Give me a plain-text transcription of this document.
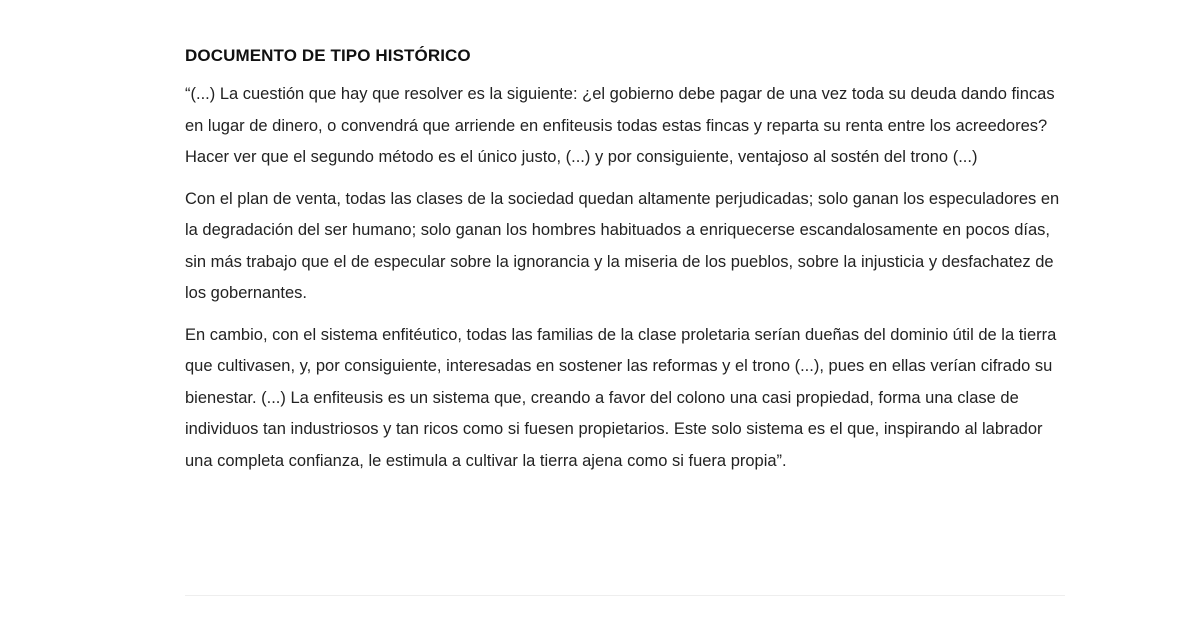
DOCUMENTO DE TIPO HISTÓRICO

“(...) La cuestión que hay que resolver es la siguiente: ¿el gobierno debe pagar de una vez toda su deuda dando fincas en lugar de dinero, o convendrá que arriende en enfiteusis todas estas fincas y reparta su renta entre los acreedores? Hacer ver que el segundo método es el único justo, (...) y por consiguiente, ventajoso al sostén del trono (...)

Con el plan de venta, todas las clases de la sociedad quedan altamente perjudicadas; solo ganan los especuladores en la degradación del ser humano; solo ganan los hombres habituados a enriquecerse escandalosamente en pocos días, sin más trabajo que el de especular sobre la ignorancia y la miseria de los pueblos, sobre la injusticia y desfachatez de los gobernantes.

En cambio, con el sistema enfitéutico, todas las familias de la clase proletaria serían dueñas del dominio útil de la tierra que cultivasen, y, por consiguiente, interesadas en sostener las reformas y el trono (...), pues en ellas verían cifrado su bienestar. (...) La enfiteusis es un sistema que, creando a favor del colono una casi propiedad, forma una clase de individuos tan industriosos y tan ricos como si fuesen propietarios. Este solo sistema es el que, inspirando al labrador una completa confianza, le estimula a cultivar la tierra ajena como si fuera propia”.
